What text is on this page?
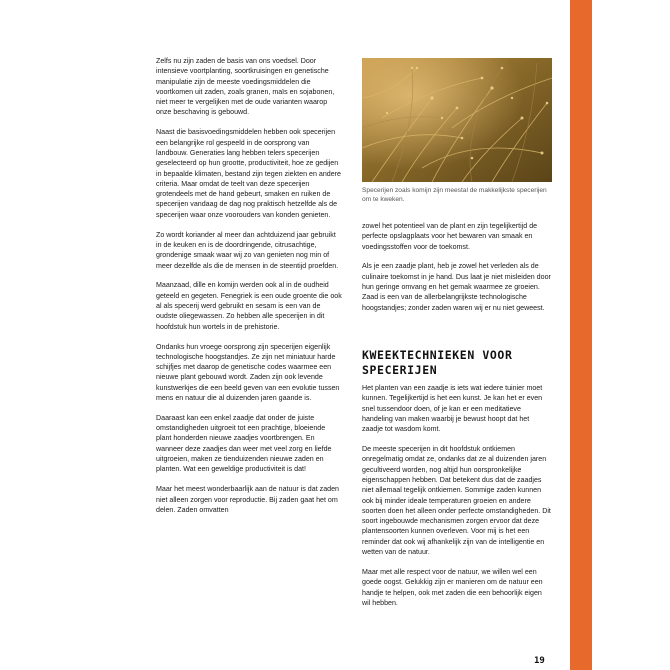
Zelfs nu zijn zaden de basis van ons voedsel. Door intensieve voortplanting, soortkruisingen en genetische manipulatie zijn de meeste voedingsmiddelen die voortkomen uit zaden, zoals granen, maïs en sojabonen, niet meer te vergelijken met de oude varianten waarop onze beschaving is gebouwd.

Naast die basisvoedingsmiddelen hebben ook specerijen een belangrijke rol gespeeld in de oorsprong van landbouw. Generaties lang hebben telers specerijen geselecteerd op hun grootte, productiviteit, hoe ze gedijen in bepaalde klimaten, bestand zijn tegen ziekten en andere criteria. Maar omdat de teelt van deze specerijen grotendeels met de hand gebeurt, smaken en ruiken de specerijen vandaag de dag nog praktisch hetzelfde als de specerijen waar onze voorouders van konden genieten.

Zo wordt koriander al meer dan achtduizend jaar gebruikt in de keuken en is de doordringende, citrusachtige, grondenige smaak waar wij zo van genieten nog min of meer dezelfde als die de mensen in de steentijd proefden.

Maanzaad, dille en komijn werden ook al in de oudheid geteeld en gegeten. Fenegriek is een oude groente die ook al als specerij werd gebruikt en sesam is een van de oudste oliegewassen. Zo hebben alle specerijen in dit hoofdstuk hun wortels in de prehistorie.

Ondanks hun vroege oorsprong zijn specerijen eigenlijk technologische hoogstandjes. Ze zijn net miniatuur harde schijfjes met daarop de genetische codes waarmee een nieuwe plant gebouwd wordt. Zaden zijn ook levende kunstwerkjes die een beeld geven van een evolutie tussen mens en natuur die al duizenden jaren gaande is.

Daaraast kan een enkel zaadje dat onder de juiste omstandigheden uitgroeit tot een prachtige, bloeiende plant honderden nieuwe zaadjes voortbrengen. En wanneer deze zaadjes dan weer met veel zorg en liefde uitgroeien, maken ze tienduizenden nieuwe zaden en planten. Wat een geweldige productiviteit is dat!

Maar het meest wonderbaarlijk aan de natuur is dat zaden niet alleen zorgen voor reproductie. Bij zaden gaat het om delen. Zaden omvatten

Specerijen zoals komijn zijn meestal de makkelijkste specerijen om te kweken.

zowel het potentieel van de plant en zijn tegelijkertijd de perfecte opslagplaats voor het bewaren van smaak en voedingsstoffen voor de toekomst.

Als je een zaadje plant, heb je zowel het verleden als de culinaire toekomst in je hand. Dus laat je niet misleiden door hun geringe omvang en het gemak waarmee ze groeien. Zaad is een van de allerbelangrijkste technologische hoogstandjes; zonder zaden waren wij er nu niet geweest.

KWEEKTECHNIEKEN VOOR SPECERIJEN

Het planten van een zaadje is iets wat iedere tuinier moet kunnen. Tegelijkertijd is het een kunst. Je kan het er even snel tussendoor doen, of je kan er een meditatieve handeling van maken waarbij je bewust hoopt dat het zaadje tot wasdom komt.

De meeste specerijen in dit hoofdstuk ontkiemen onregelmatig omdat ze, ondanks dat ze al duizenden jaren gecultiveerd worden, nog altijd hun oorspronkelijke eigenschappen hebben. Dat betekent dus dat de zaadjes niet allemaal tegelijk ontkiemen. Sommige zaden kunnen ook bij minder ideale temperaturen groeien en andere soorten doen het alleen onder perfecte omstandigheden. Dit soort ingebouwde mechanismen zorgen ervoor dat deze plantensoorten kunnen overleven. Voor mij is het een reminder dat ook wij afhankelijk zijn van de intelligentie en wetten van de natuur.

Maar met alle respect voor de natuur, we willen wel een goede oogst. Gelukkig zijn er manieren om de natuur een handje te helpen, ook met zaden die een behoorlijk eigen wil hebben.

19
